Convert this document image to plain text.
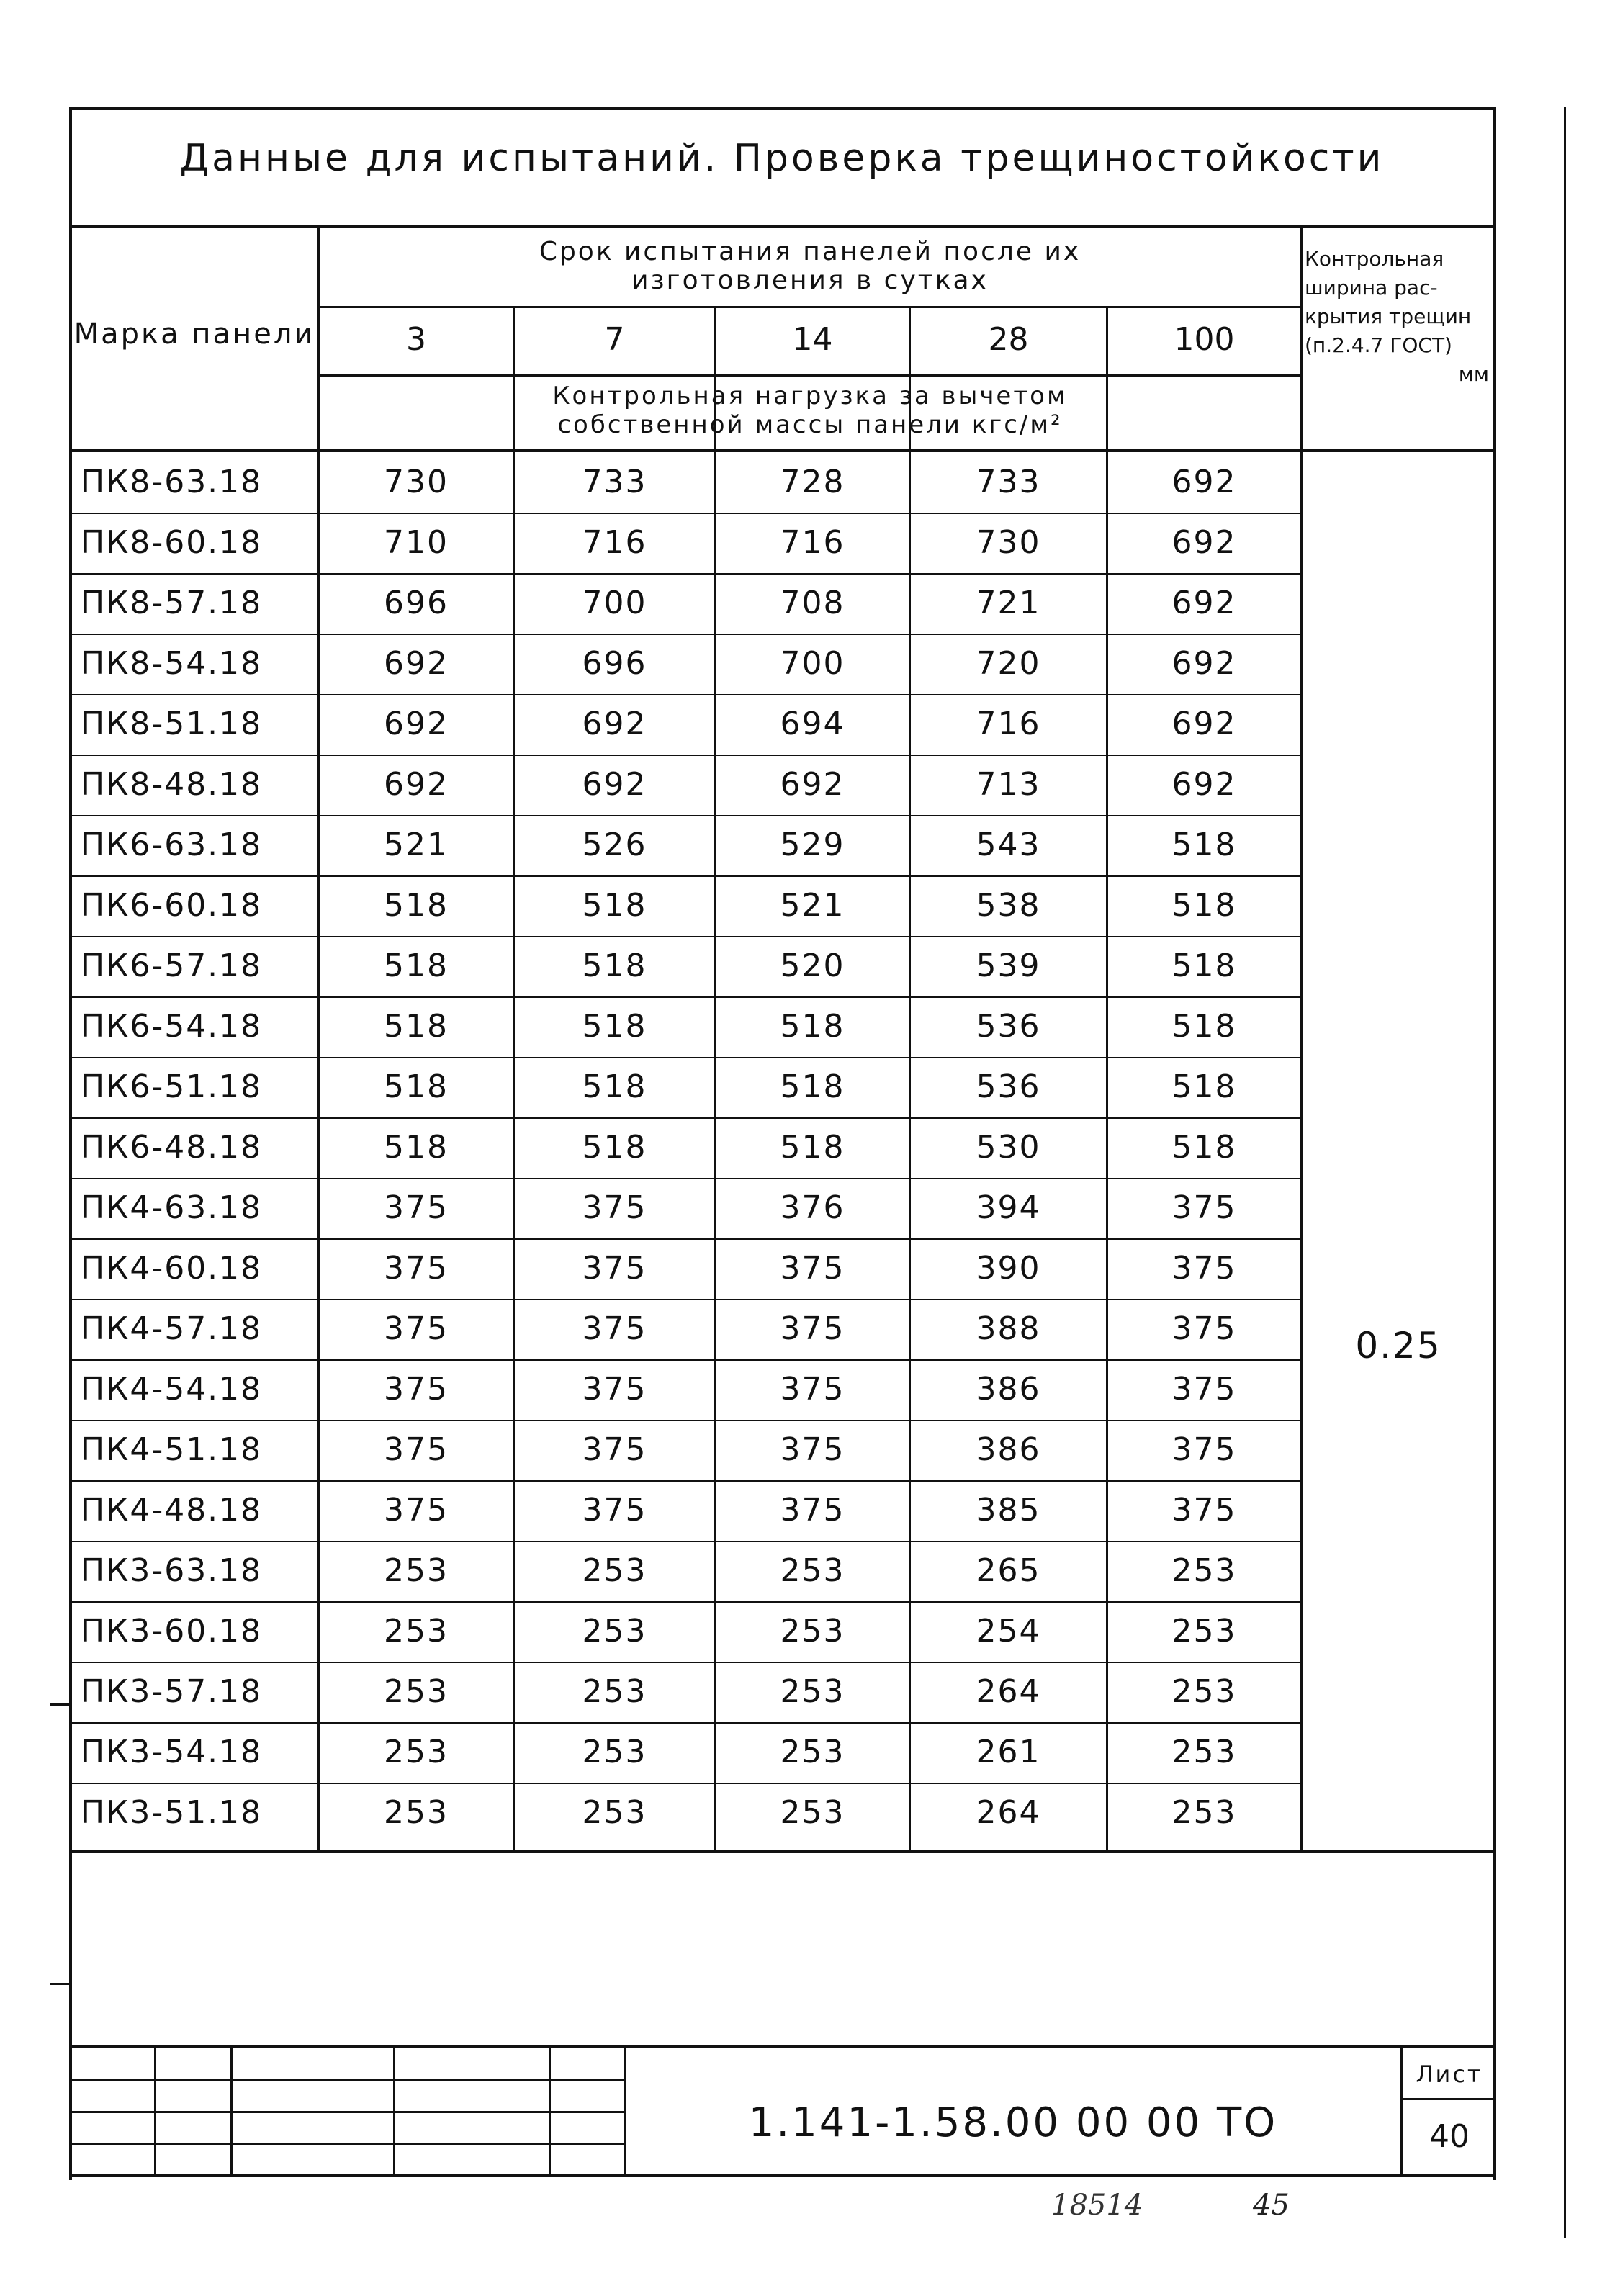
Данные для испытаний. Проверка трещиностойкости
Марка панели
Срок испытания панелей после их
изготовления в сутках
3	7	14	28	100
Контрольная нагрузка за вычетом
собственной массы панели кгс/м²
Контрольная
ширина рас-
крытия трещин
(п.2.4.7 ГОСТ)
мм
ПК8-63.18	730	733	728	733	692
ПК8-60.18	710	716	716	730	692
ПК8-57.18	696	700	708	721	692
ПК8-54.18	692	696	700	720	692
ПК8-51.18	692	692	694	716	692
ПК8-48.18	692	692	692	713	692
ПК6-63.18	521	526	529	543	518
ПК6-60.18	518	518	521	538	518
ПК6-57.18	518	518	520	539	518
ПК6-54.18	518	518	518	536	518
ПК6-51.18	518	518	518	536	518
ПК6-48.18	518	518	518	530	518
ПК4-63.18	375	375	376	394	375
ПК4-60.18	375	375	375	390	375
ПК4-57.18	375	375	375	388	375
ПК4-54.18	375	375	375	386	375
ПК4-51.18	375	375	375	386	375
ПК4-48.18	375	375	375	385	375
ПК3-63.18	253	253	253	265	253
ПК3-60.18	253	253	253	254	253
ПК3-57.18	253	253	253	264	253
ПК3-54.18	253	253	253	261	253
ПК3-51.18	253	253	253	264	253
0.25
1.141-1.58.00 00 00 ТО
Лист
40
18514	45
